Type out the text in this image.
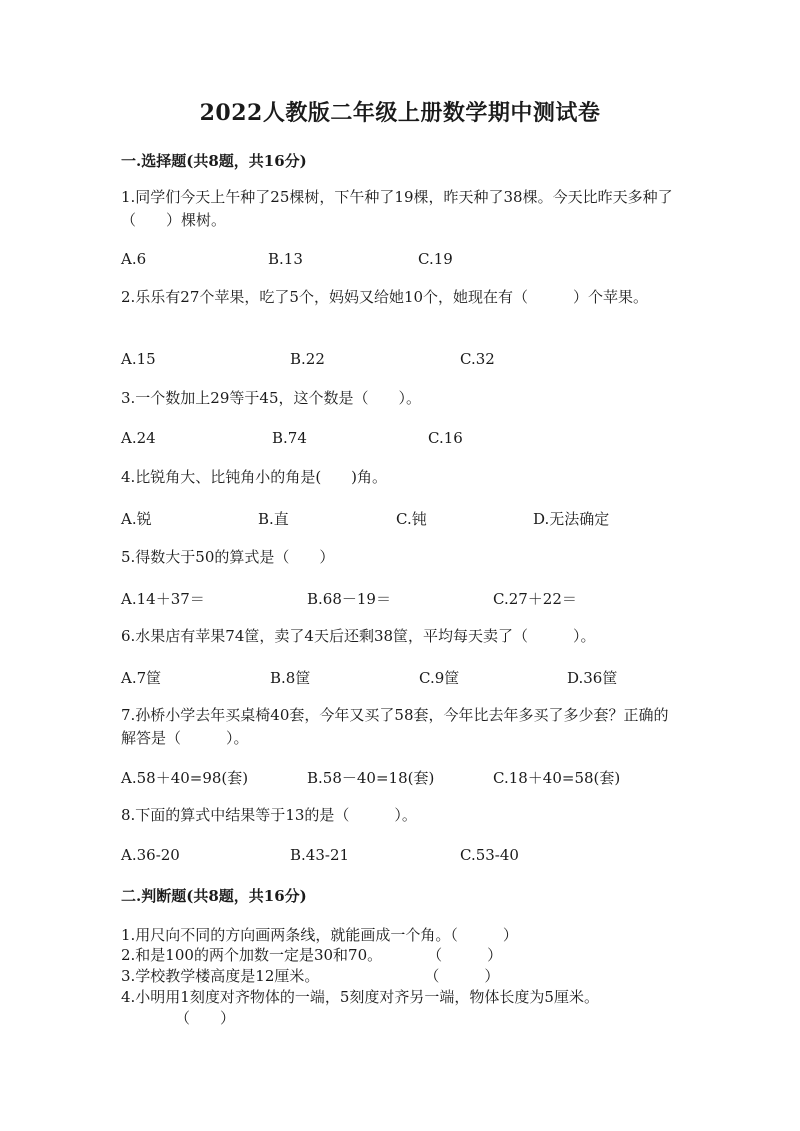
2022人教版二年级上册数学期中测试卷
一.选择题(共8题，共16分)
1.同学们今天上午种了25棵树，下午种了19棵，昨天种了38棵。今天比昨天多种了（　　）棵树。
A.6	B.13	C.19
2.乐乐有27个苹果，吃了5个，妈妈又给她10个，她现在有（　　　）个苹果。
A.15	B.22	C.32
3.一个数加上29等于45，这个数是（　　）。
A.24	B.74	C.16
4.比锐角大、比钝角小的角是(　　)角。
A.锐	B.直	C.钝	D.无法确定
5.得数大于50的算式是（　　）
A.14＋37＝	B.68－19＝	C.27＋22＝
6.水果店有苹果74筐，卖了4天后还剩38筐，平均每天卖了（　　　）。
A.7筐	B.8筐	C.9筐	D.36筐
7.孙桥小学去年买桌椅40套，今年又买了58套，今年比去年多买了多少套？正确的解答是（　　　）。
A.58＋40=98(套)	B.58－40=18(套)	C.18＋40=58(套)
8.下面的算式中结果等于13的是（　　　）。
A.36-20	B.43-21	C.53-40
二.判断题(共8题，共16分)
1.用尺向不同的方向画两条线，就能画成一个角。（　　　）
2.和是100的两个加数一定是30和70。　　　　（　　　）
3.学校教学楼高度是12厘米。　　　　　　　　（　　　）
4.小明用1刻度对齐物体的一端，5刻度对齐另一端，物体长度为5厘米。
（　　）
